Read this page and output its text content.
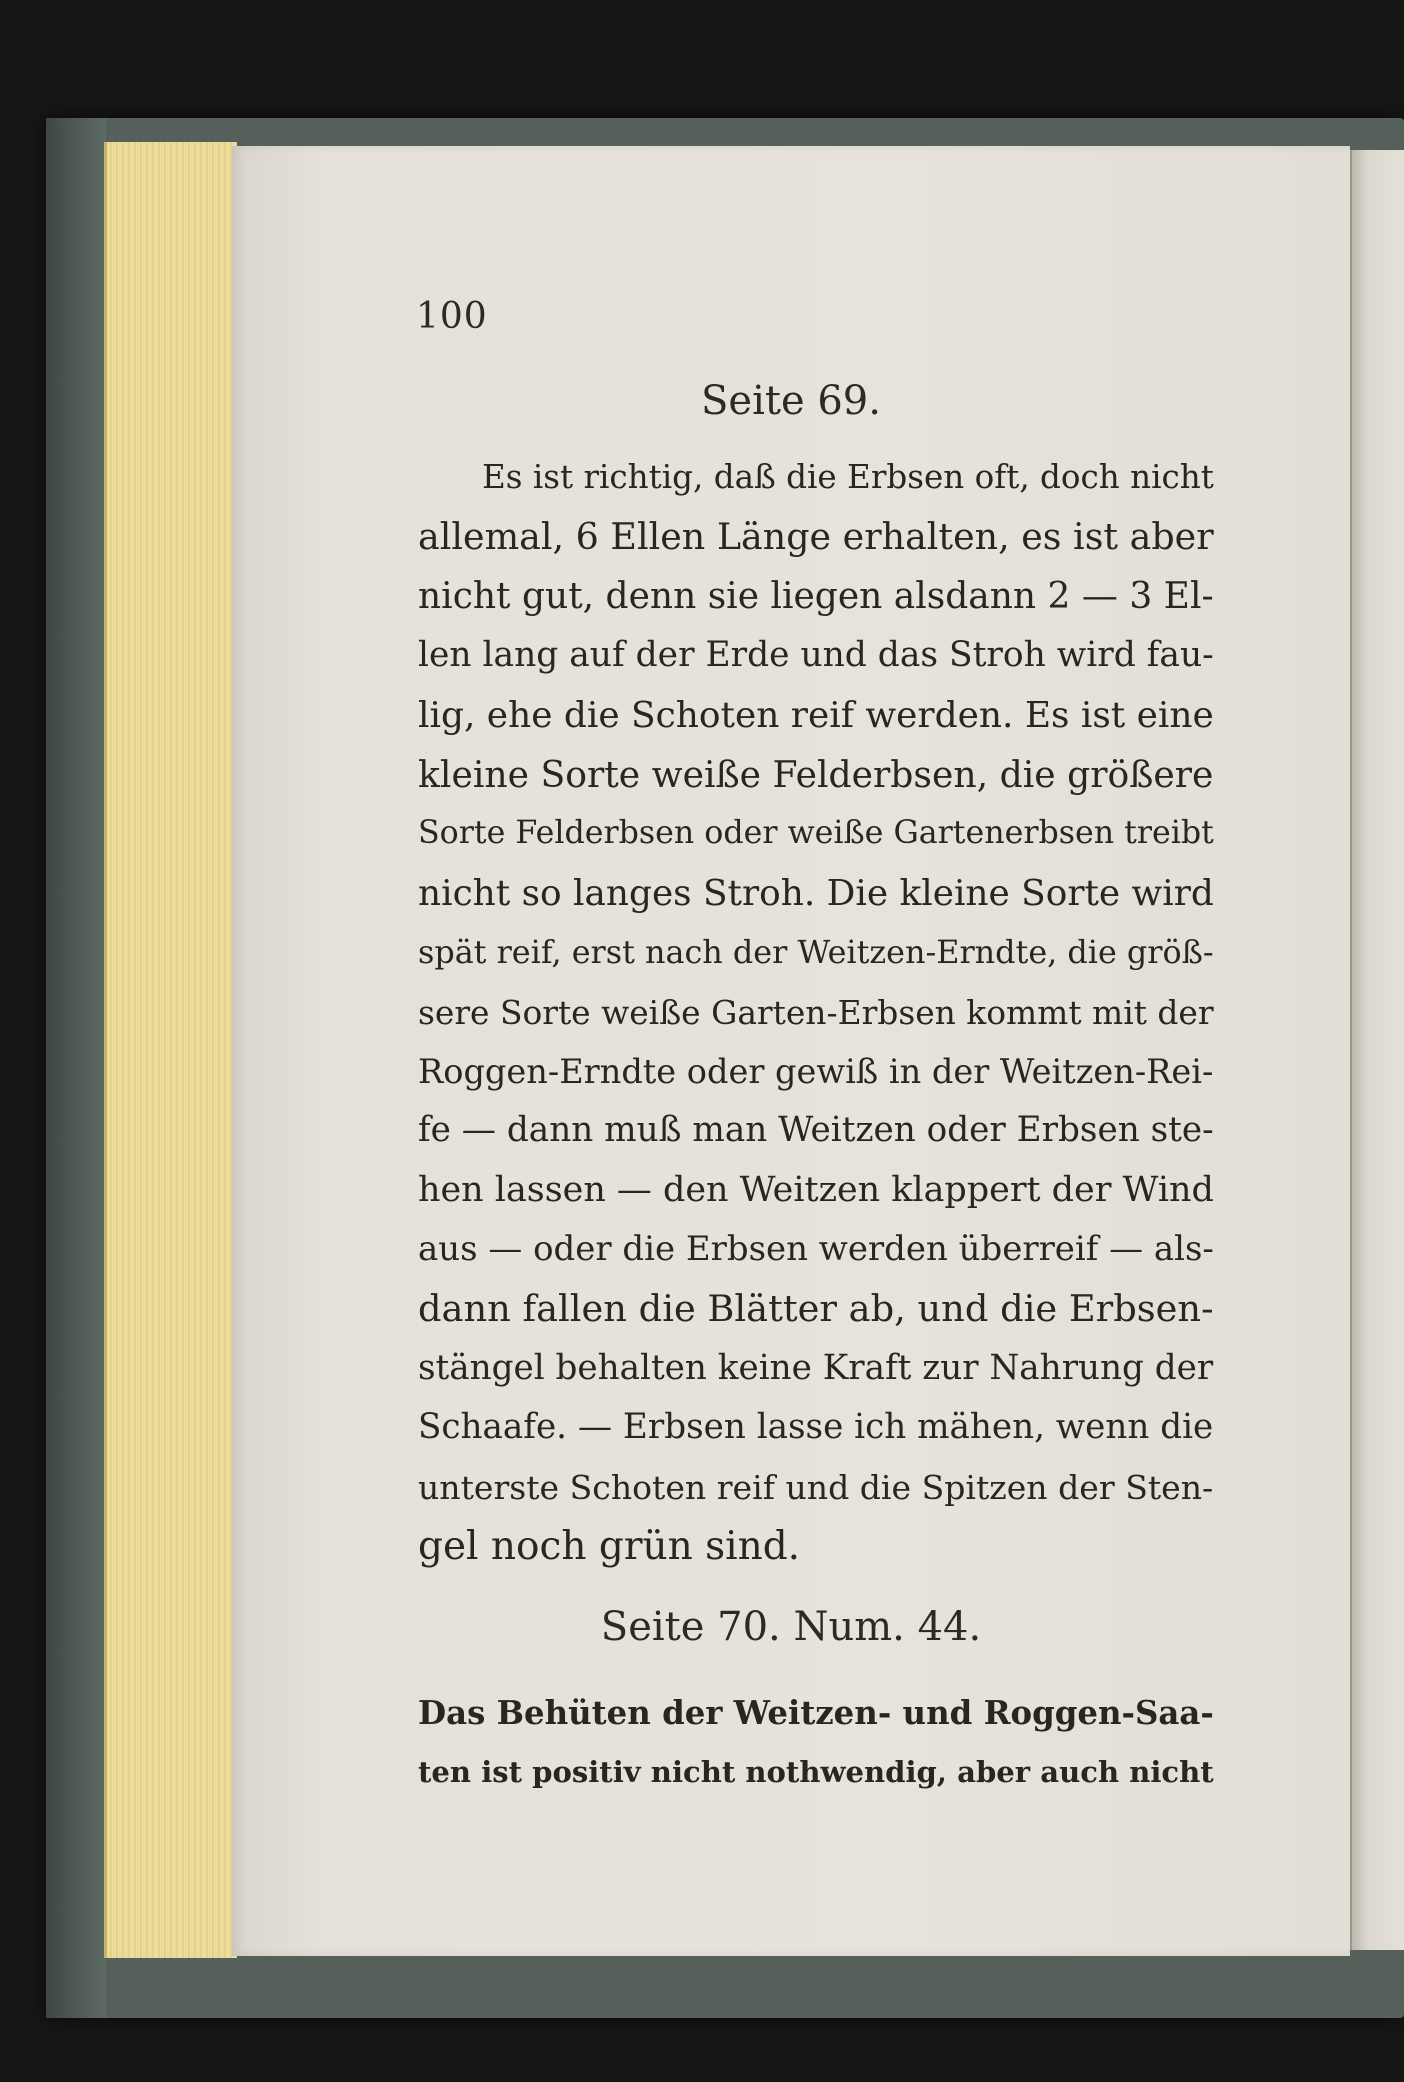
100
Seite 69.
Es ist richtig, daß die Erbsen oft, doch nicht
allemal, 6 Ellen Länge erhalten, es ist aber
nicht gut, denn sie liegen alsdann 2 — 3 El-
len lang auf der Erde und das Stroh wird fau-
lig, ehe die Schoten reif werden. Es ist eine
kleine Sorte weiße Felderbsen, die größere
Sorte Felderbsen oder weiße Gartenerbsen treibt
nicht so langes Stroh. Die kleine Sorte wird
spät reif, erst nach der Weitzen-Erndte, die größ-
sere Sorte weiße Garten-Erbsen kommt mit der
Roggen-Erndte oder gewiß in der Weitzen-Rei-
fe — dann muß man Weitzen oder Erbsen ste-
hen lassen — den Weitzen klappert der Wind
aus — oder die Erbsen werden überreif — als-
dann fallen die Blätter ab, und die Erbsen-
stängel behalten keine Kraft zur Nahrung der
Schaafe. — Erbsen lasse ich mähen, wenn die
unterste Schoten reif und die Spitzen der Sten-
gel noch grün sind.
Seite 70. Num. 44.
Das Behüten der Weitzen- und Roggen-Saa-
ten ist positiv nicht nothwendig, aber auch nicht
